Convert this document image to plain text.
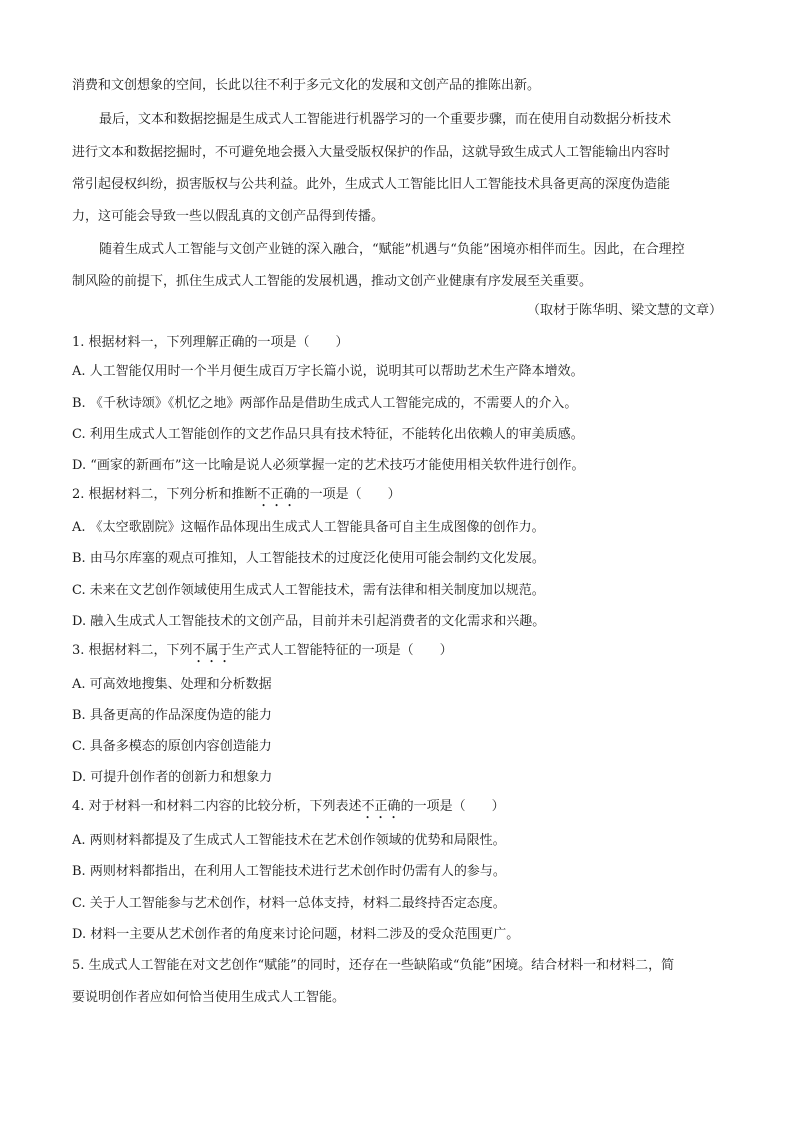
消费和文创想象的空间，长此以往不利于多元文化的发展和文创产品的推陈出新。
最后，文本和数据挖掘是生成式人工智能进行机器学习的一个重要步骤，而在使用自动数据分析技术
进行文本和数据挖掘时，不可避免地会摄入大量受版权保护的作品，这就导致生成式人工智能输出内容时
常引起侵权纠纷，损害版权与公共利益。此外，生成式人工智能比旧人工智能技术具备更高的深度伪造能
力，这可能会导致一些以假乱真的文创产品得到传播。
随着生成式人工智能与文创产业链的深入融合，“赋能”机遇与“负能”困境亦相伴而生。因此，在合理控
制风险的前提下，抓住生成式人工智能的发展机遇，推动文创产业健康有序发展至关重要。
（取材于陈华明、梁文慧的文章）
1. 根据材料一，下列理解正确的一项是（　　）
A. 人工智能仅用时一个半月便生成百万字长篇小说，说明其可以帮助艺术生产降本增效。
B. 《千秋诗颂》《机忆之地》两部作品是借助生成式人工智能完成的，不需要人的介入。
C. 利用生成式人工智能创作的文艺作品只具有技术特征，不能转化出依赖人的审美质感。
D. “画家的新画布”这一比喻是说人必须掌握一定的艺术技巧才能使用相关软件进行创作。
2. 根据材料二，下列分析和推断不正确的一项是（　　）
A. 《太空歌剧院》这幅作品体现出生成式人工智能具备可自主生成图像的创作力。
B. 由马尔库塞的观点可推知，人工智能技术的过度泛化使用可能会制约文化发展。
C. 未来在文艺创作领域使用生成式人工智能技术，需有法律和相关制度加以规范。
D. 融入生成式人工智能技术的文创产品，目前并未引起消费者的文化需求和兴趣。
3. 根据材料二，下列不属于生产式人工智能特征的一项是（　　）
A. 可高效地搜集、处理和分析数据
B. 具备更高的作品深度伪造的能力
C. 具备多模态的原创内容创造能力
D. 可提升创作者的创新力和想象力
4. 对于材料一和材料二内容的比较分析，下列表述不正确的一项是（　　）
A. 两则材料都提及了生成式人工智能技术在艺术创作领域的优势和局限性。
B. 两则材料都指出，在利用人工智能技术进行艺术创作时仍需有人的参与。
C. 关于人工智能参与艺术创作，材料一总体支持，材料二最终持否定态度。
D. 材料一主要从艺术创作者的角度来讨论问题，材料二涉及的受众范围更广。
5. 生成式人工智能在对文艺创作“赋能”的同时，还存在一些缺陷或“负能”困境。结合材料一和材料二，简
要说明创作者应如何恰当使用生成式人工智能。
